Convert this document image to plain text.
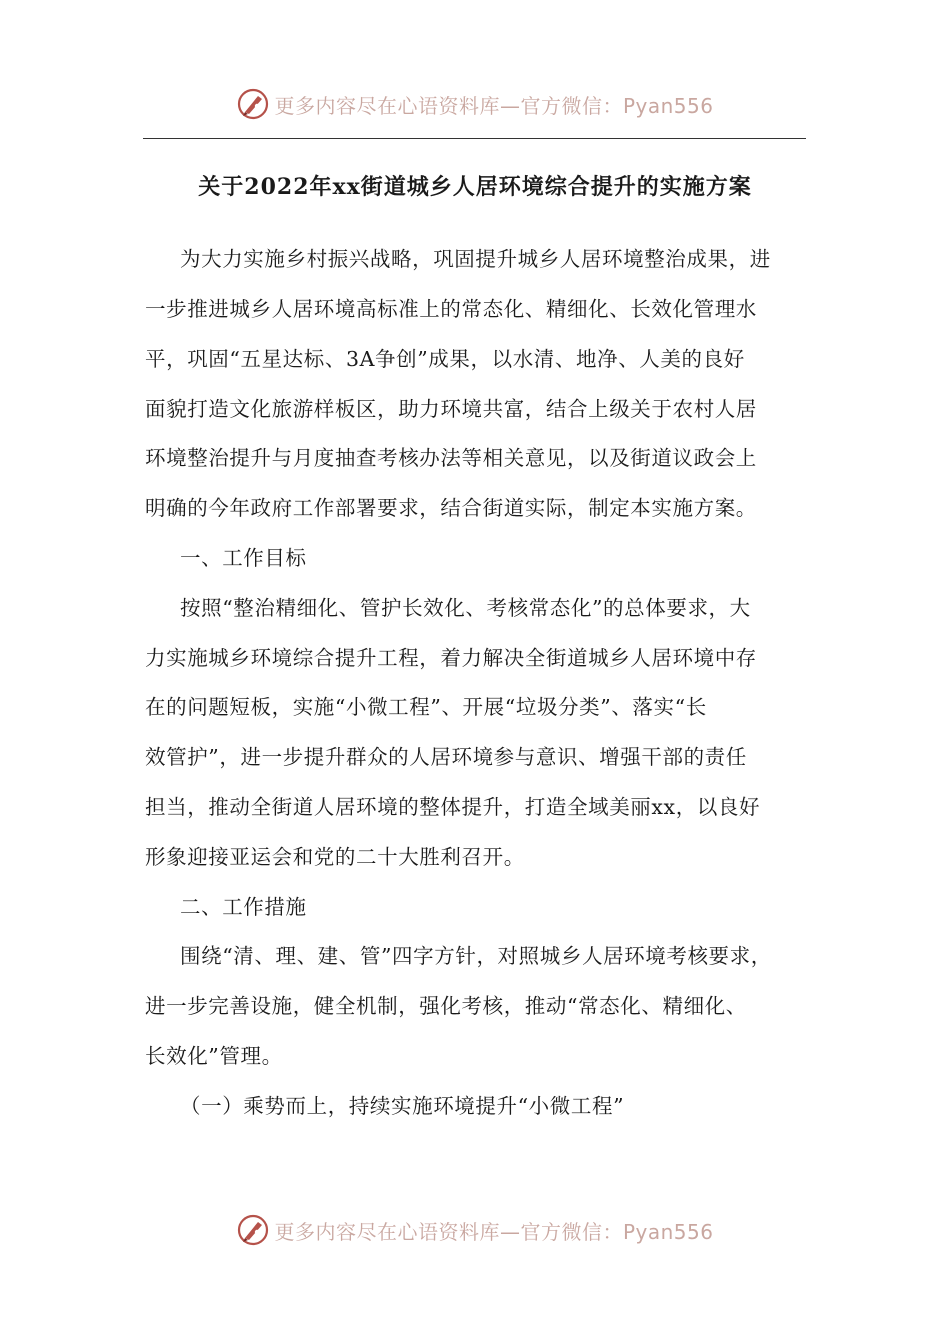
更多内容尽在心语资料库—官方微信：Pyan556
关于2022年xx街道城乡人居环境综合提升的实施方案

为大力实施乡村振兴战略，巩固提升城乡人居环境整治成果，进

一步推进城乡人居环境高标准上的常态化、精细化、长效化管理水

平，巩固“五星达标、3A争创”成果，以水清、地净、人美的良好

面貌打造文化旅游样板区，助力环境共富，结合上级关于农村人居

环境整治提升与月度抽查考核办法等相关意见，以及街道议政会上

明确的今年政府工作部署要求，结合街道实际，制定本实施方案。

一、工作目标

按照“整治精细化、管护长效化、考核常态化”的总体要求，大

力实施城乡环境综合提升工程，着力解决全街道城乡人居环境中存

在的问题短板，实施“小微工程”、开展“垃圾分类”、落实“长

效管护”，进一步提升群众的人居环境参与意识、增强干部的责任

担当，推动全街道人居环境的整体提升，打造全域美丽xx，以良好

形象迎接亚运会和党的二十大胜利召开。

二、工作措施

围绕“清、理、建、管”四字方针，对照城乡人居环境考核要求，

进一步完善设施，健全机制，强化考核，推动“常态化、精细化、

长效化”管理。

（一）乘势而上，持续实施环境提升“小微工程”

更多内容尽在心语资料库—官方微信：Pyan556
